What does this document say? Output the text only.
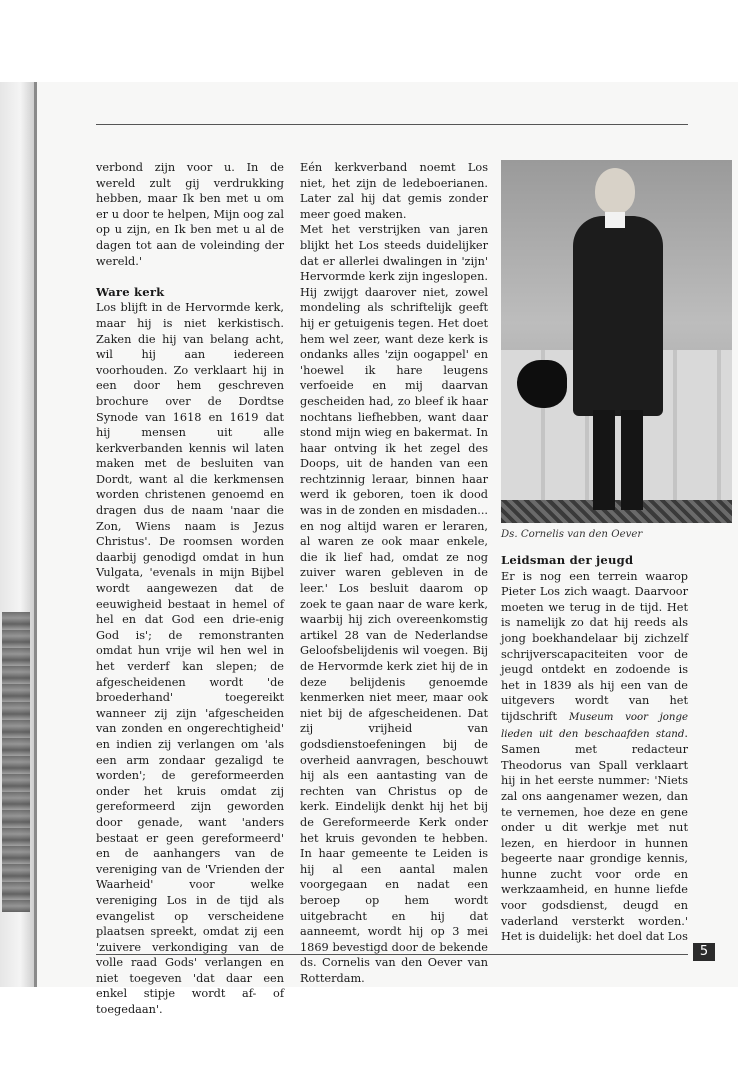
verbond zijn voor u. In de wereld zult gij verdrukking hebben, maar Ik ben met u om er u door te helpen, Mijn oog zal op u zijn, en Ik ben met u al de dagen tot aan de voleinding der wereld.'

Ware kerk

Los blijft in de Hervormde kerk, maar hij is niet kerkistisch. Zaken die hij van belang acht, wil hij aan iedereen voorhouden. Zo verklaart hij in een door hem geschreven brochure over de Dordtse Synode van 1618 en 1619 dat hij mensen uit alle kerkverbanden kennis wil laten maken met de besluiten van Dordt, want al die kerkmensen worden christenen genoemd en dragen dus de naam 'naar die Zon, Wiens naam is Jezus Christus'. De roomsen worden daarbij genodigd omdat in hun Vulgata, 'evenals in mijn Bijbel wordt aangewezen dat de eeuwigheid bestaat in hemel of hel en dat God een drie-enig God is'; de remonstranten omdat hun vrije wil hen wel in het verderf kan slepen; de afgescheidenen wordt 'de broederhand' toegereikt wanneer zij zijn 'afgescheiden van zonden en ongerechtigheid' en indien zij verlangen om 'als een arm zondaar gezaligd te worden'; de gereformeerden onder het kruis omdat zij gereformeerd zijn geworden door genade, want 'anders bestaat er geen gereformeerd' en de aanhangers van de vereniging van de 'Vrienden der Waarheid' voor welke vereniging Los in de tijd als evangelist op verscheidene plaatsen spreekt, omdat zij een 'zuivere verkondiging van de volle raad Gods' verlangen en niet toegeven 'dat daar een enkel stipje wordt af- of toegedaan'.

Eén kerkverband noemt Los niet, het zijn de ledeboerianen. Later zal hij dat gemis zonder meer goed maken.

Met het verstrijken van jaren blijkt het Los steeds duidelijker dat er allerlei dwalingen in 'zijn' Hervormde kerk zijn ingeslopen. Hij zwijgt daarover niet, zowel mondeling als schriftelijk geeft hij er getuigenis tegen. Het doet hem wel zeer, want deze kerk is ondanks alles 'zijn oogappel' en 'hoewel ik hare leugens verfoeide en mij daarvan gescheiden had, zo bleef ik haar nochtans liefhebben, want daar stond mijn wieg en bakermat. In haar ontving ik het zegel des Doops, uit de handen van een rechtzinnig leraar, binnen haar werd ik geboren, toen ik dood was in de zonden en misdaden... en nog altijd waren er leraren, al waren ze ook maar enkele, die ik lief had, omdat ze nog zuiver waren gebleven in de leer.' Los besluit daarom op zoek te gaan naar de ware kerk, waarbij hij zich overeenkomstig artikel 28 van de Nederlandse Geloofsbelijdenis wil voegen. Bij de Hervormde kerk ziet hij de in deze belijdenis genoemde kenmerken niet meer, maar ook niet bij de afgescheidenen. Dat zij vrijheid van godsdienstoefeningen bij de overheid aanvragen, beschouwt hij als een aantasting van de rechten van Christus op de kerk. Eindelijk denkt hij het bij de Gereformeerde Kerk onder het kruis gevonden te hebben. In haar gemeente te Leiden is hij al een aantal malen voorgegaan en nadat een beroep op hem wordt uitgebracht en hij dat aanneemt, wordt hij op 3 mei 1869 bevestigd door de bekende ds. Cornelis van den Oever van Rotterdam.

Ds. Cornelis van den Oever

Leidsman der jeugd

Er is nog een terrein waarop Pieter Los zich waagt. Daarvoor moeten we terug in de tijd. Het is namelijk zo dat hij reeds als jong boekhandelaar bij zichzelf schrijverscapaciteiten voor de jeugd ontdekt en zodoende is het in 1839 als hij een van de uitgevers wordt van het tijdschrift Museum voor jonge lieden uit den beschaafden stand. Samen met redacteur Theodorus van Spall verklaart hij in het eerste nummer: 'Niets zal ons aangenamer wezen, dan te vernemen, hoe deze en gene onder u dit werkje met nut lezen, en hierdoor in hunnen begeerte naar grondige kennis, hunne zucht voor orde en werkzaamheid, en hunne liefde voor godsdienst, deugd en vaderland versterkt worden.' Het is duidelijk: het doel dat Los

5
